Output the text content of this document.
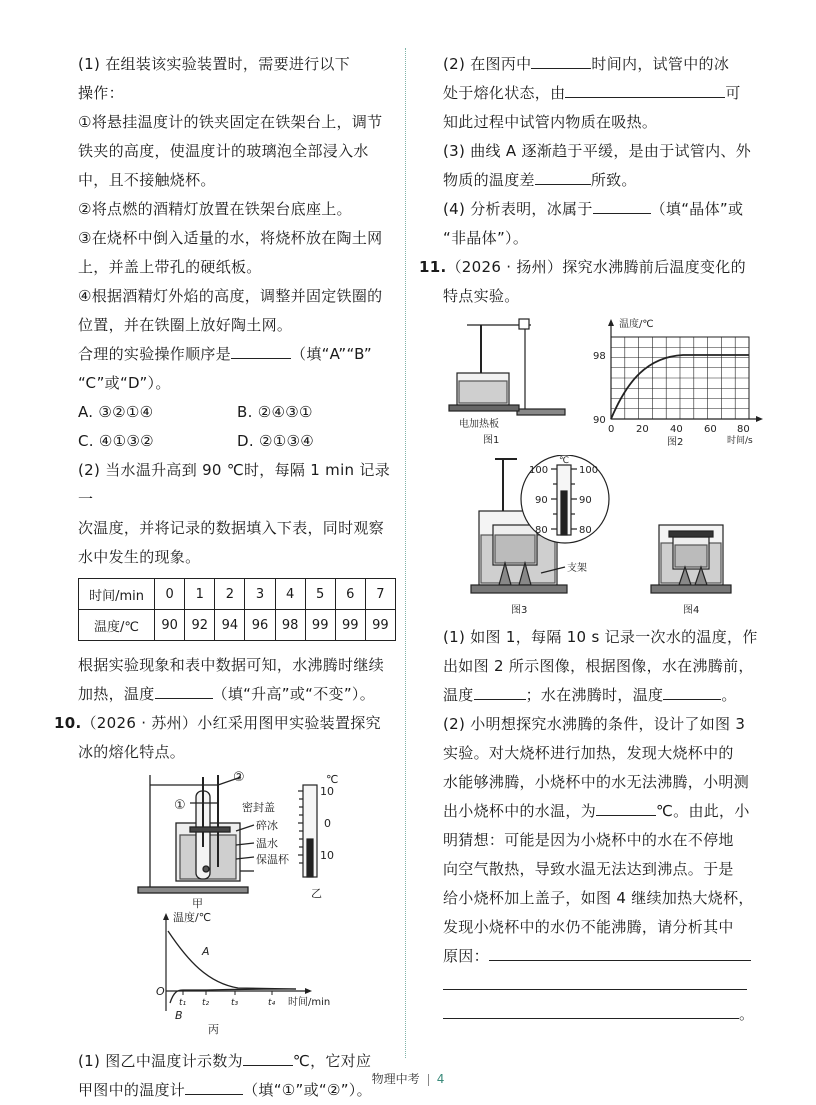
(1) 在组装该实验装置时，需要进行以下

操作：

①将悬挂温度计的铁夹固定在铁架台上，调节

铁夹的高度，使温度计的玻璃泡全部浸入水

中，且不接触烧杯。

②将点燃的酒精灯放置在铁架台底座上。

③在烧杯中倒入适量的水，将烧杯放在陶土网

上，并盖上带孔的硬纸板。

④根据酒精灯外焰的高度，调整并固定铁圈的

位置，并在铁圈上放好陶土网。

合理的实验操作顺序是	（填“A”“B”

“C”或“D”）。

A. ③②①④	B. ②④③①

C. ④①③②	D. ②①③④

(2) 当水温升高到 90 ℃时，每隔 1 min 记录一

次温度，并将记录的数据填入下表，同时观察

水中发生的现象。

时间/min	0	1	2	3	4	5	6	7
温度/℃	90	92	94	96	98	99	99	99

根据实验现象和表中数据可知，水沸腾时继续

加热，温度	（填“升高”或“不变”）。

10.（2026 · 苏州）小红采用图甲实验装置探究

冰的熔化特点。

①
②
密封盖
碎冰
温水
保温杯
甲
℃
10
0
10
乙
温度/℃
A
B
O
t₁ t₂ t₃	t₄ 时间/min
丙

(1) 图乙中温度计示数为	℃，它对应

甲图中的温度计	（填“①”或“②”）。

(2) 在图丙中	时间内，试管中的冰

处于熔化状态，由	可

知此过程中试管内物质在吸热。

(3) 曲线 A 逐渐趋于平缓，是由于试管内、外

物质的温度差	所致。

(4) 分析表明，冰属于	（填“晶体”或

“非晶体”）。

11.（2026 · 扬州）探究水沸腾前后温度变化的

特点实验。

电加热板
图1
温度/℃
98
90
0 20 40 60 80
时间/s
图2
℃
100	100
90	90
80	80
支架
图3	图4

(1) 如图 1，每隔 10 s 记录一次水的温度，作

出如图 2 所示图像，根据图像，水在沸腾前，

温度	；水在沸腾时，温度	。

(2) 小明想探究水沸腾的条件，设计了如图 3

实验。对大烧杯进行加热，发现大烧杯中的

水能够沸腾，小烧杯中的水无法沸腾，小明测

出小烧杯中的水温，为	℃。由此，小

明猜想：可能是因为小烧杯中的水在不停地

向空气散热，导致水温无法达到沸点。于是

给小烧杯加上盖子，如图 4 继续加热大烧杯，

发现小烧杯中的水仍不能沸腾，请分析其中

原因：

。

物理中考 4
